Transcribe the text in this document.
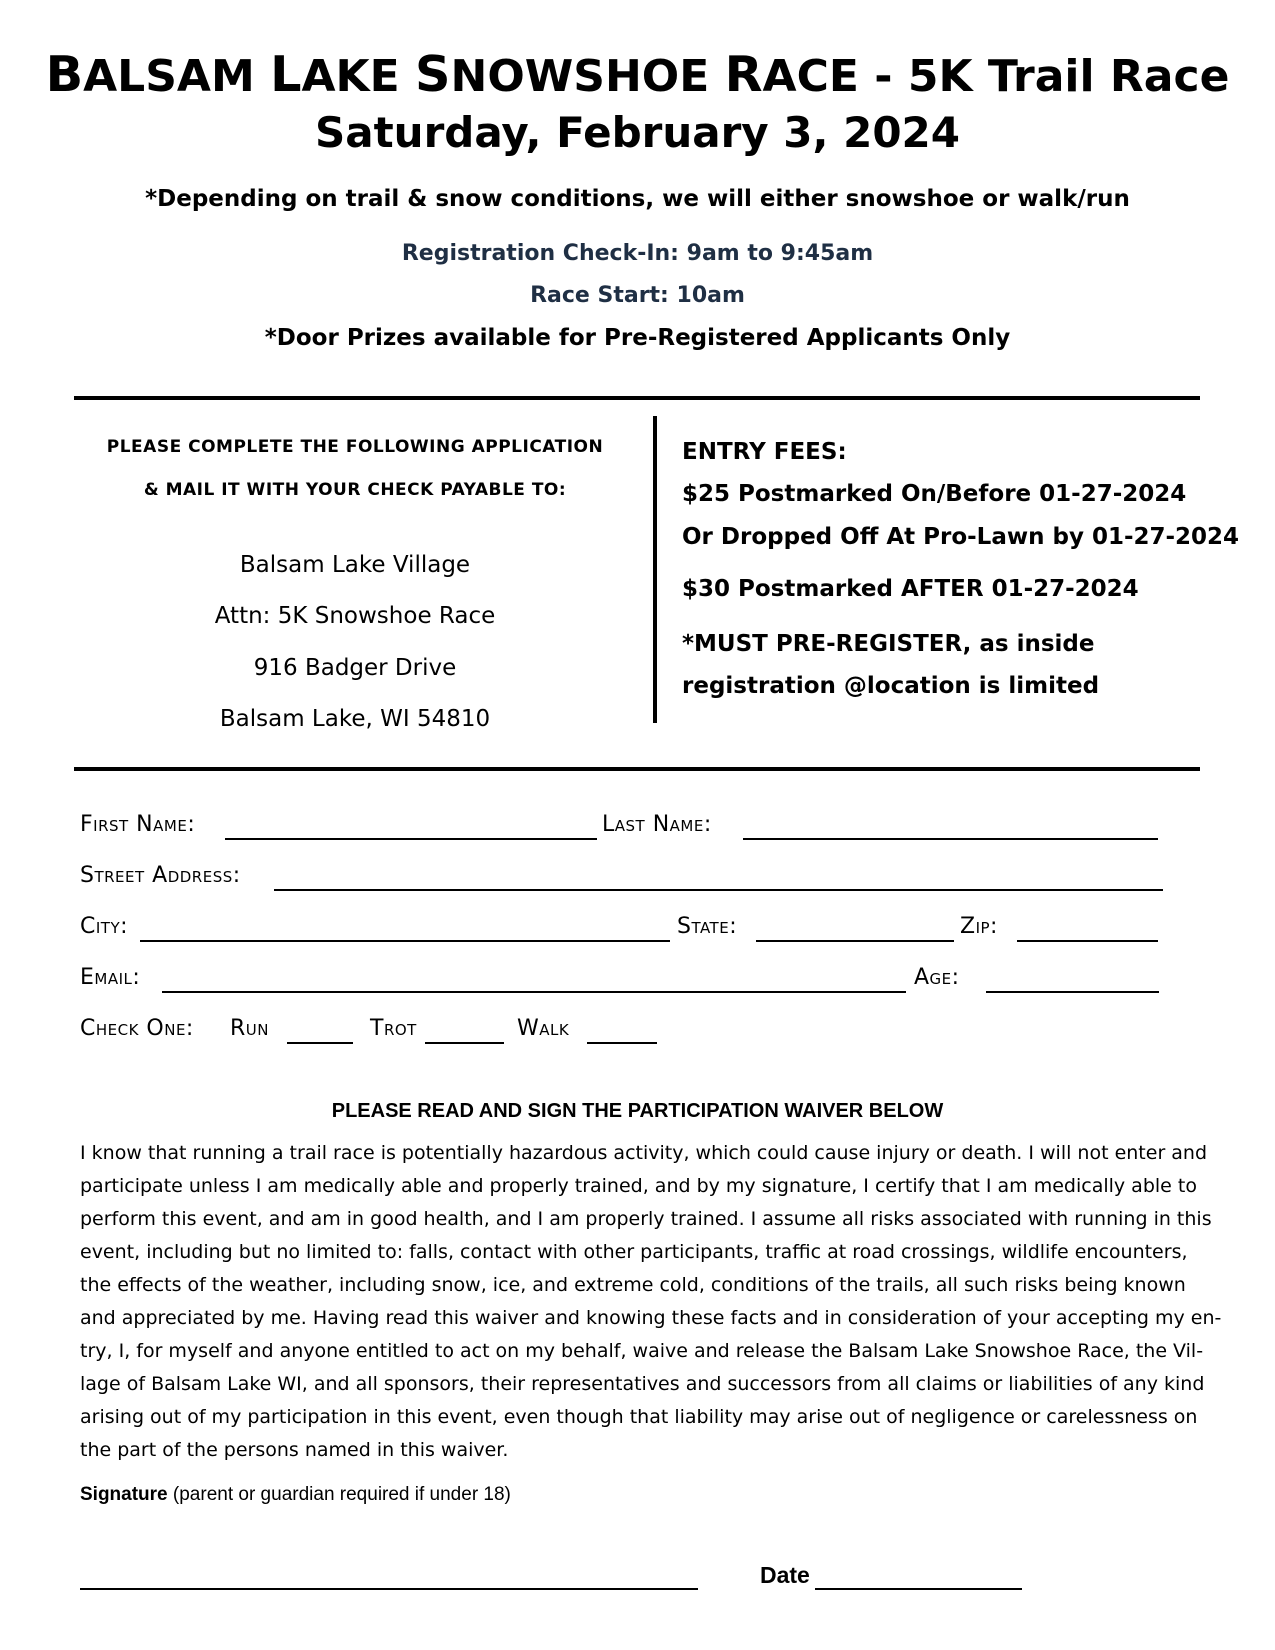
BALSAM LAKE SNOWSHOE RACE - 5K Trail Race
Saturday, February 3, 2024
*Depending on trail & snow conditions, we will either snowshoe or walk/run
Registration Check-In: 9am to 9:45am
Race Start: 10am
*Door Prizes available for Pre-Registered Applicants Only
PLEASE COMPLETE THE FOLLOWING APPLICATION
& MAIL IT WITH YOUR CHECK PAYABLE TO:
Balsam Lake Village
Attn: 5K Snowshoe Race
916 Badger Drive
Balsam Lake, WI 54810
ENTRY FEES:
$25 Postmarked On/Before 01-27-2024
Or Dropped Off At Pro-Lawn by 01-27-2024
$30 Postmarked AFTER 01-27-2024
*MUST PRE-REGISTER, as inside
registration @location is limited
First Name:	Last Name:
Street Address:
City:	State:	Zip:
Email:	Age:
Check One: Run	Trot	Walk
PLEASE READ AND SIGN THE PARTICIPATION WAIVER BELOW
I know that running a trail race is potentially hazardous activity, which could cause injury or death. I will not enter and
participate unless I am medically able and properly trained, and by my signature, I certify that I am medically able to
perform this event, and am in good health, and I am properly trained. I assume all risks associated with running in this
event, including but no limited to: falls, contact with other participants, traffic at road crossings, wildlife encounters,
the effects of the weather, including snow, ice, and extreme cold, conditions of the trails, all such risks being known
and appreciated by me. Having read this waiver and knowing these facts and in consideration of your accepting my en-
try, I, for myself and anyone entitled to act on my behalf, waive and release the Balsam Lake Snowshoe Race, the Vil-
lage of Balsam Lake WI, and all sponsors, their representatives and successors from all claims or liabilities of any kind
arising out of my participation in this event, even though that liability may arise out of negligence or carelessness on
the part of the persons named in this waiver.
Signature (parent or guardian required if under 18)
Date
